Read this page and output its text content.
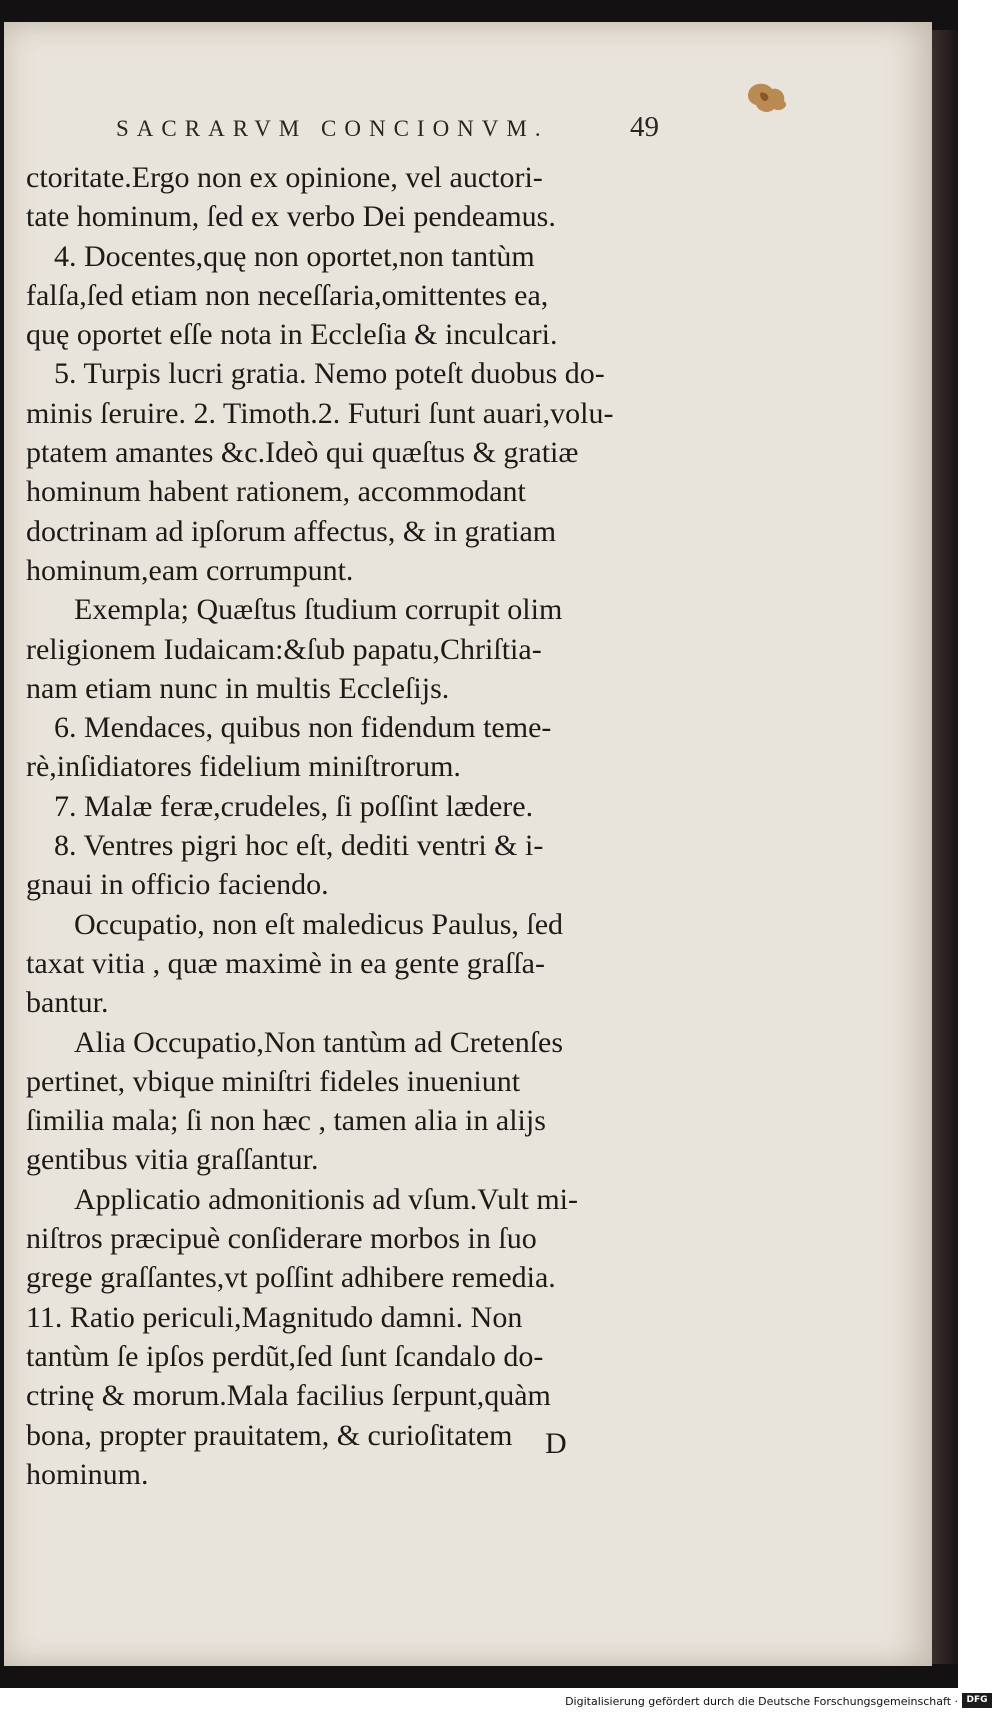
SACRARVM CONCIONVM.	49
ctoritate.Ergo non ex opinione, vel auctori-
tate hominum, ſed ex verbo Dei pendeamus.
4. Docentes,quę non oportet,non tantùm
falſa,ſed etiam non neceſſaria,omittentes ea,
quę oportet eſſe nota in Eccleſia & inculcari.
5. Turpis lucri gratia. Nemo poteſt duobus do-
minis ſeruire. 2. Timoth.2. Futuri ſunt auari,volu-
ptatem amantes &c.Ideò qui quæſtus & gratiæ
hominum habent rationem, accommodant
doctrinam ad ipſorum affectus, & in gratiam
hominum,eam corrumpunt.
Exempla; Quæſtus ſtudium corrupit olim
religionem Iudaicam:&ſub papatu,Chriſtia-
nam etiam nunc in multis Eccleſijs.
6. Mendaces, quibus non fidendum teme-
rè,inſidiatores fidelium miniſtrorum.
7. Malæ feræ,crudeles, ſi poſſint lædere.
8. Ventres pigri hoc eſt, dediti ventri & i-
gnaui in officio faciendo.
Occupatio, non eſt maledicus Paulus, ſed
taxat vitia , quæ maximè in ea gente graſſa-
bantur.
Alia Occupatio,Non tantùm ad Cretenſes
pertinet, vbique miniſtri fideles inueniunt
ſimilia mala; ſi non hæc , tamen alia in alijs
gentibus vitia graſſantur.
Applicatio admonitionis ad vſum.Vult mi-
niſtros præcipuè conſiderare morbos in ſuo
grege graſſantes,vt poſſint adhibere remedia.
11. Ratio periculi,Magnitudo damni. Non
tantùm ſe ipſos perdũt,ſed ſunt ſcandalo do-
ctrinę & morum.Mala facilius ſerpunt,quàm
bona, propter prauitatem, & curioſitatem
hominum.
D
Digitalisierung gefördert durch die Deutsche Forschungsgemeinschaft · DFG
